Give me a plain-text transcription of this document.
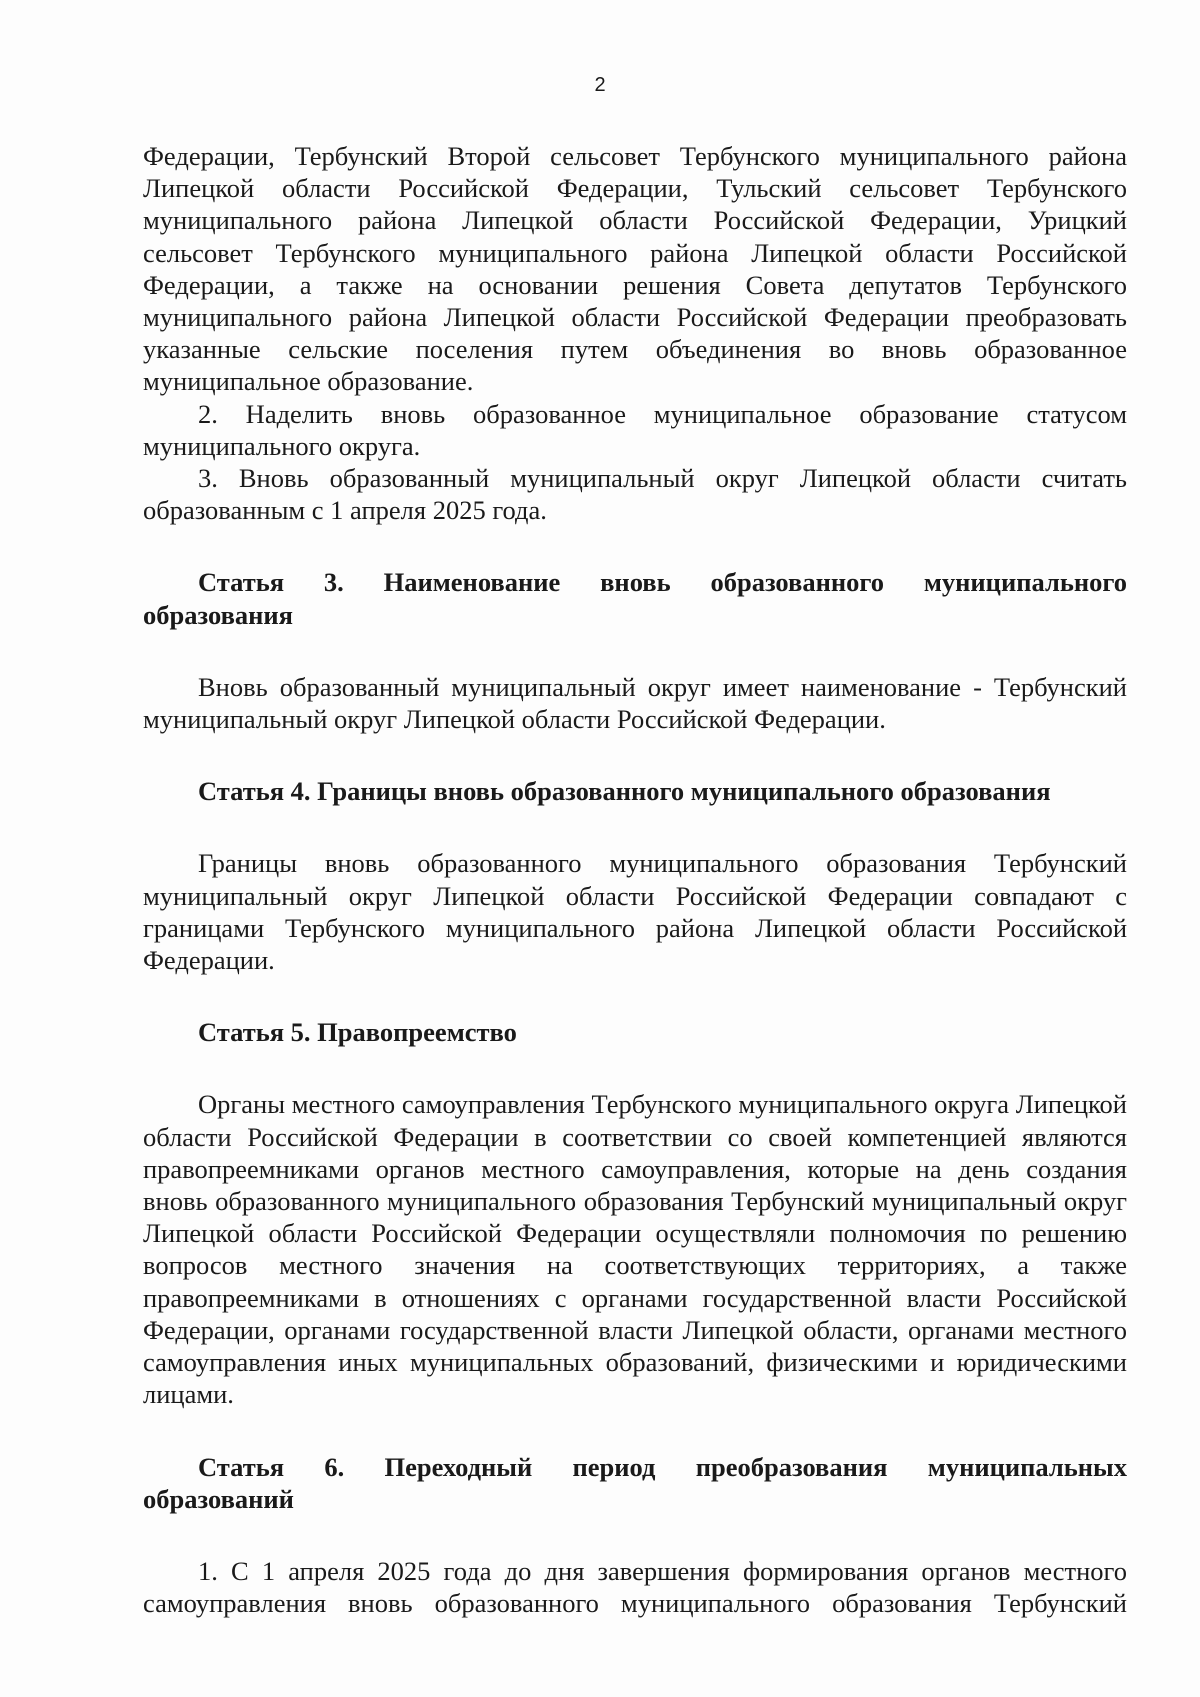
2

Федерации, Тербунский Второй сельсовет Тербунского муниципального района Липецкой области Российской Федерации, Тульский сельсовет Тербунского муниципального района Липецкой области Российской Федерации, Урицкий сельсовет Тербунского муниципального района Липецкой области Российской Федерации, а также на основании решения Совета депутатов Тербунского муниципального района Липецкой области Российской Федерации преобразовать указанные сельские поселения путем объединения во вновь образованное муниципальное образование.

2. Наделить вновь образованное муниципальное образование статусом муниципального округа.

3. Вновь образованный муниципальный округ Липецкой области считать образованным с 1 апреля 2025 года.

Статья 3. Наименование вновь образованного муниципального образования

Вновь образованный муниципальный округ имеет наименование - Тербунский муниципальный округ Липецкой области Российской Федерации.

Статья 4. Границы вновь образованного муниципального образования

Границы вновь образованного муниципального образования Тербунский муниципальный округ Липецкой области Российской Федерации совпадают с границами Тербунского муниципального района Липецкой области Российской Федерации.

Статья 5. Правопреемство

Органы местного самоуправления Тербунского муниципального округа Липецкой области Российской Федерации в соответствии со своей компетенцией являются правопреемниками органов местного самоуправления, которые на день создания вновь образованного муниципального образования Тербунский муниципальный округ Липецкой области Российской Федерации осуществляли полномочия по решению вопросов местного значения на соответствующих территориях, а также правопреемниками в отношениях с органами государственной власти Российской Федерации, органами государственной власти Липецкой области, органами местного самоуправления иных муниципальных образований, физическими и юридическими лицами.

Статья 6. Переходный период преобразования муниципальных образований

1. С 1 апреля 2025 года до дня завершения формирования органов местного самоуправления вновь образованного муниципального образования Тербунский
